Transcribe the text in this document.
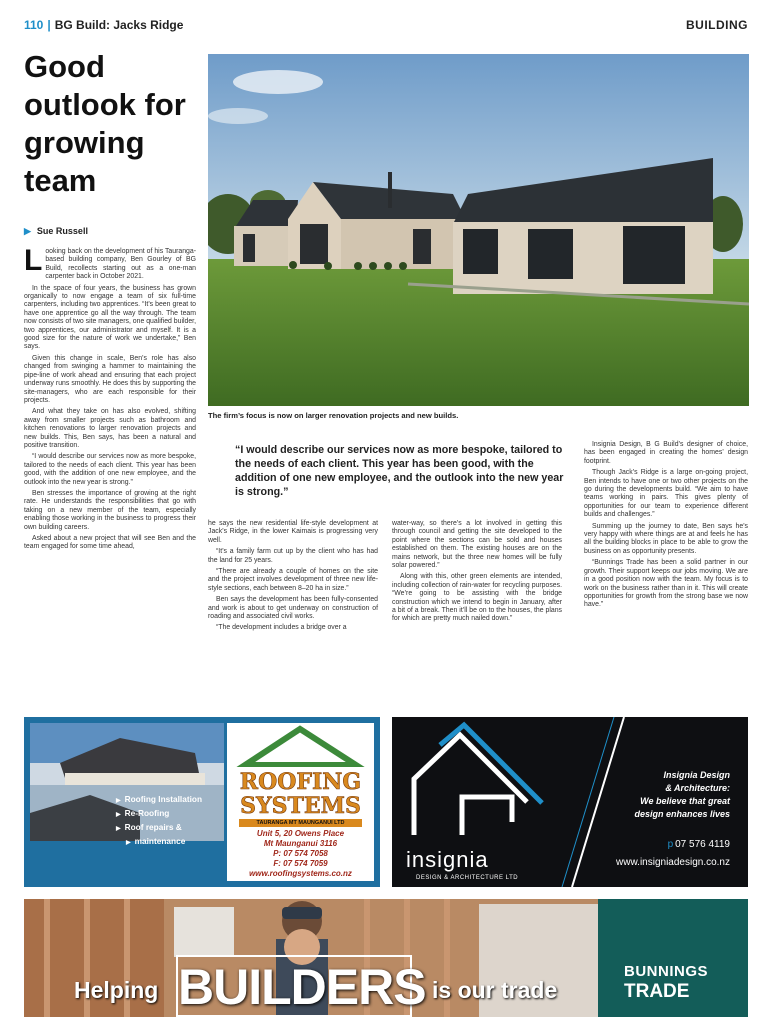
110 | BG Build: Jacks Ridge	BUILDING
Good outlook for growing team
▶ Sue Russell
The firm’s focus is now on larger renovation projects and new builds.

Looking back on the development of his Tauranga-based building company, Ben Gourley of BG Build, recollects starting out as a one-man carpenter back in October 2021.

In the space of four years, the business has grown organically to now engage a team of six full-time carpenters, including two apprentices. “It’s been great to have one apprentice go all the way through. The team now consists of two site managers, one qualified builder, two apprentices, our administrator and myself. It is a good size for the nature of work we undertake,” Ben says.

Given this change in scale, Ben’s role has also changed from swinging a hammer to maintaining the pipe-line of work ahead and ensuring that each project underway runs smoothly. He does this by supporting the site-managers, who are each responsible for their projects.

And what they take on has also evolved, shifting away from smaller projects such as bathroom and kitchen renovations to larger renovation projects and new builds. This, Ben says, has been a natural and positive transition.

“I would describe our services now as more bespoke, tailored to the needs of each client. This year has been good, with the addition of one new employee, and the outlook into the new year is strong.”

Ben stresses the importance of growing at the right rate. He understands the responsibilities that go with taking on a new member of the team, especially enabling those working in the business to progress their own building careers.

Asked about a new project that will see Ben and the team engaged for some time ahead,

“I would describe our services now as more bespoke, tailored to the needs of each client. This year has been good, with the addition of one new employee, and the outlook into the new year is strong.”

he says the new residential life-style development at Jack’s Ridge, in the lower Kaimais is progressing very well.

“It’s a family farm cut up by the client who has had the land for 25 years.

“There are already a couple of homes on the site and the project involves development of three new life-style sections, each between 8–20 ha in size.”

Ben says the development has been fully-consented and work is about to get underway on construction of roading and associated civil works.

“The development includes a bridge over a

water-way, so there’s a lot involved in getting this through council and getting the site developed to the point where the sections can be sold and houses established on them. The existing houses are on the mains network, but the three new homes will be fully solar powered.”

Along with this, other green elements are intended, including collection of rain-water for recycling purposes. “We’re going to be assisting with the bridge construction which we intend to begin in January, after a bit of a break. Then it’ll be on to the houses, the plans for which are pretty much nailed down.”

Insignia Design, B G Build’s designer of choice, has been engaged in creating the homes’ design footprint.

Though Jack’s Ridge is a large on-going project, Ben intends to have one or two other projects on the go during the developments build. “We aim to have teams working in pairs. This gives plenty of opportunities for our team to experience different builds and challenges.”

Summing up the journey to date, Ben says he’s very happy with where things are at and feels he has all the building blocks in place to be able to grow the business on as opportunity presents.

“Bunnings Trade has been a solid partner in our growth. Their support keeps our jobs moving. We are in a good position now with the team. My focus is to work on the business rather than in it. This will create opportunities for growth from the strong base we now have.”

▶ Roofing Installation
▶ Re-Roofing
▶ Roof repairs &
▶ maintenance
ROOFING
SYSTEMS
TAURANGA MT MAUNGANUI LTD
Unit 5, 20 Owens Place
Mt Maunganui 3116
P: 07 574 7058
F: 07 574 7059
www.roofingsystems.co.nz
insignia
DESIGN & ARCHITECTURE LTD
Insignia Design
& Architecture:
We believe that great
design enhances lives
p 07 576 4119
www.insigniadesign.co.nz
Helping BUILDERS is our trade
BUNNINGS
TRADE
